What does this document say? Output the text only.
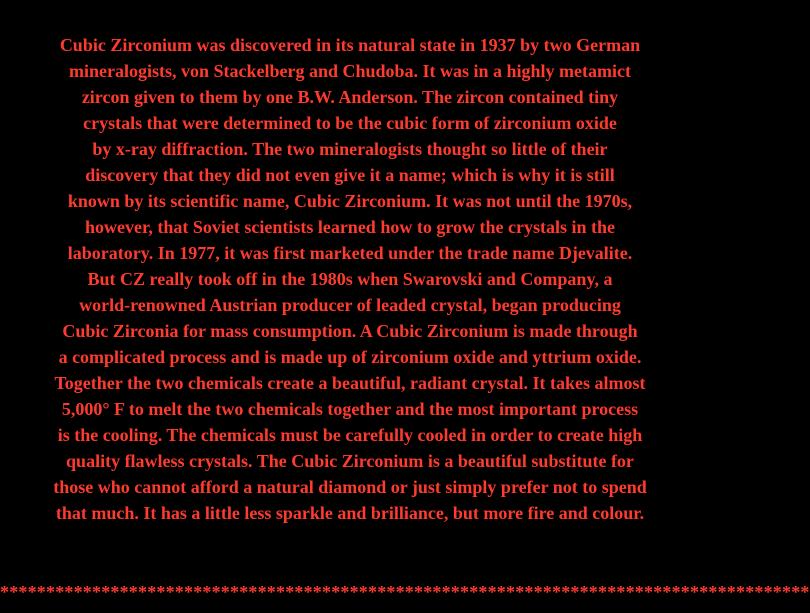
Cubic Zirconium was discovered in its natural state in 1937 by two German
mineralogists, von Stackelberg and Chudoba. It was in a highly metamict
zircon given to them by one B.W. Anderson. The zircon contained tiny
crystals that were determined to be the cubic form of zirconium oxide
by x-ray diffraction. The two mineralogists thought so little of their
discovery that they did not even give it a name; which is why it is still
known by its scientific name, Cubic Zirconium. It was not until the 1970s,
however, that Soviet scientists learned how to grow the crystals in the
laboratory. In 1977, it was first marketed under the trade name Djevalite.
But CZ really took off in the 1980s when Swarovski and Company, a
world-renowned Austrian producer of leaded crystal, began producing
Cubic Zirconia for mass consumption. A Cubic Zirconium is made through
a complicated process and is made up of zirconium oxide and yttrium oxide.
Together the two chemicals create a beautiful, radiant crystal. It takes almost
5,000° F to melt the two chemicals together and the most important process
is the cooling. The chemicals must be carefully cooled in order to create high
quality flawless crystals. The Cubic Zirconium is a beautiful substitute for
those who cannot afford a natural diamond or just simply prefer not to spend
that much. It has a little less sparkle and brilliance, but more fire and colour.
****************************************************************************************
